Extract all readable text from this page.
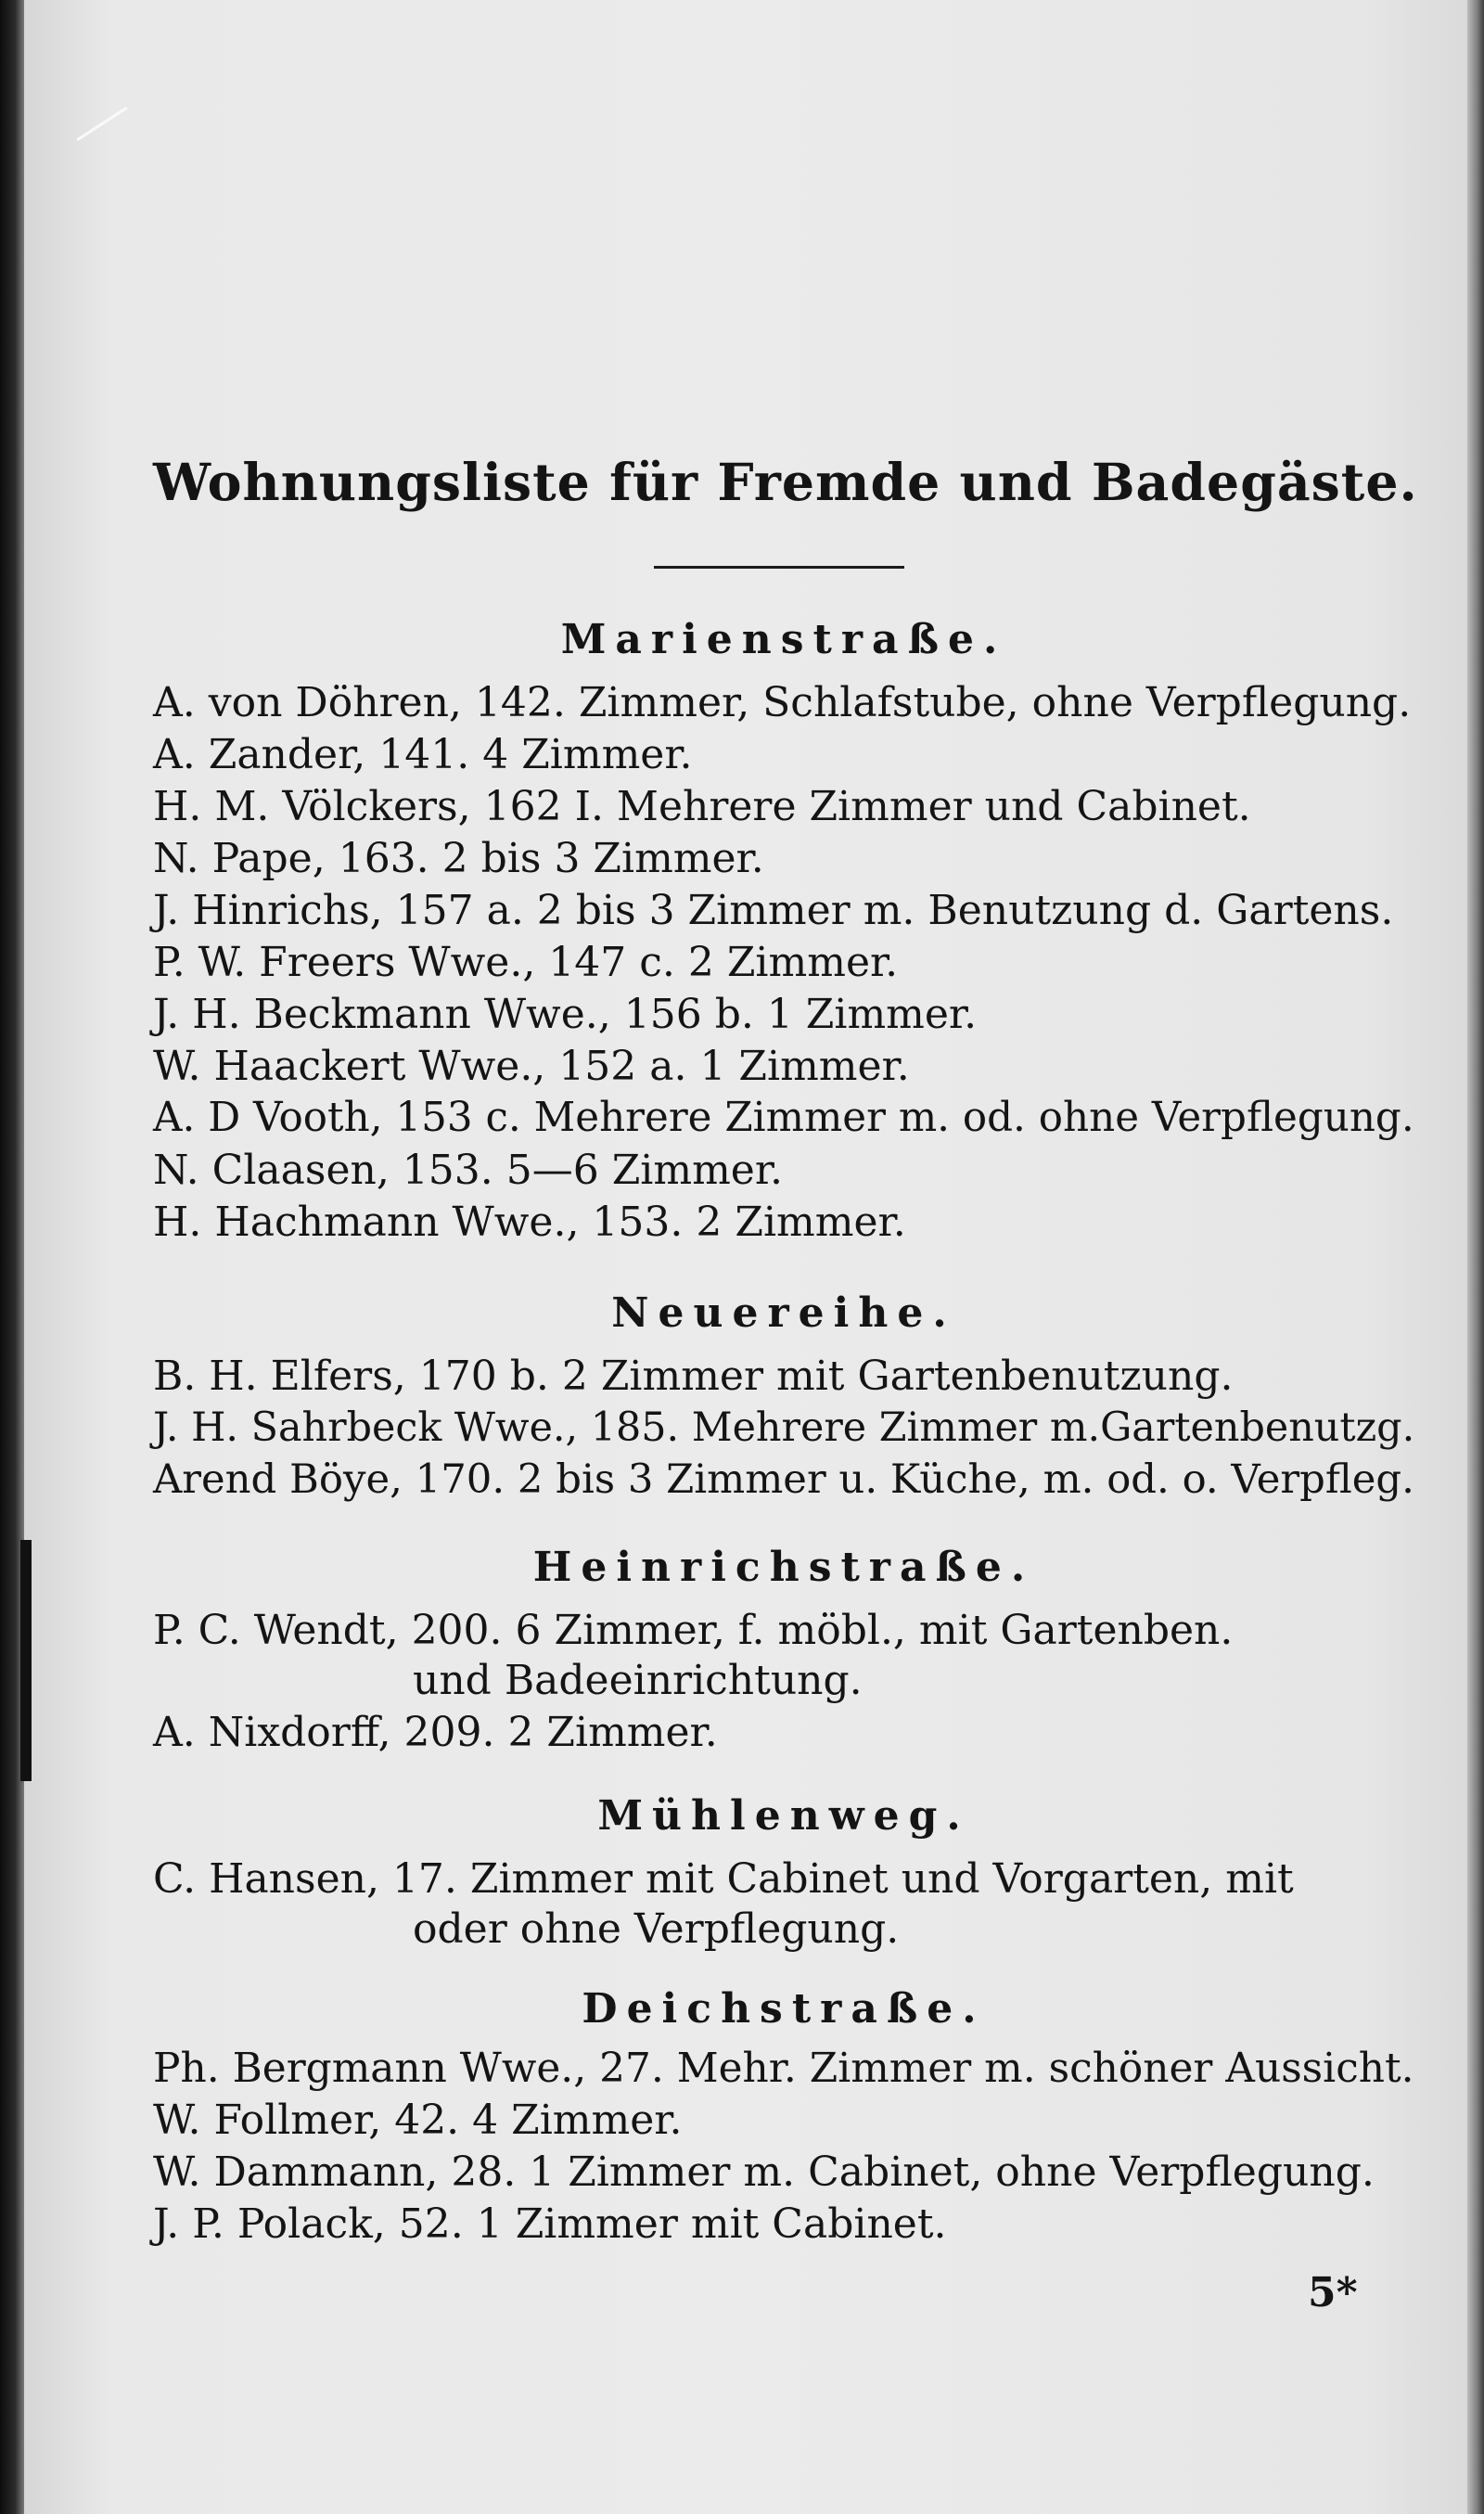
Wohnungsliste für Fremde und Badegäste.
Marienstraße.
A. von Döhren, 142. Zimmer, Schlafstube, ohne Verpflegung.
A. Zander, 141. 4 Zimmer.
H. M. Völckers, 162 I. Mehrere Zimmer und Cabinet.
N. Pape, 163. 2 bis 3 Zimmer.
J. Hinrichs, 157 a. 2 bis 3 Zimmer m. Benutzung d. Gartens.
P. W. Freers Wwe., 147 c. 2 Zimmer.
J. H. Beckmann Wwe., 156 b. 1 Zimmer.
W. Haackert Wwe., 152 a. 1 Zimmer.
A. D Vooth, 153 c. Mehrere Zimmer m. od. ohne Verpflegung.
N. Claasen, 153. 5—6 Zimmer.
H. Hachmann Wwe., 153. 2 Zimmer.
Neuereihe.
B. H. Elfers, 170 b. 2 Zimmer mit Gartenbenutzung.
J. H. Sahrbeck Wwe., 185. Mehrere Zimmer m.Gartenbenutzg.
Arend Böye, 170. 2 bis 3 Zimmer u. Küche, m. od. o. Verpfleg.
Heinrichstraße.
P. C. Wendt, 200. 6 Zimmer, f. möbl., mit Gartenben.
und Badeeinrichtung.
A. Nixdorff, 209. 2 Zimmer.
Mühlenweg.
C. Hansen, 17. Zimmer mit Cabinet und Vorgarten, mit
oder ohne Verpflegung.
Deichstraße.
Ph. Bergmann Wwe., 27. Mehr. Zimmer m. schöner Aussicht.
W. Follmer, 42. 4 Zimmer.
W. Dammann, 28. 1 Zimmer m. Cabinet, ohne Verpflegung.
J. P. Polack, 52. 1 Zimmer mit Cabinet.
5*
